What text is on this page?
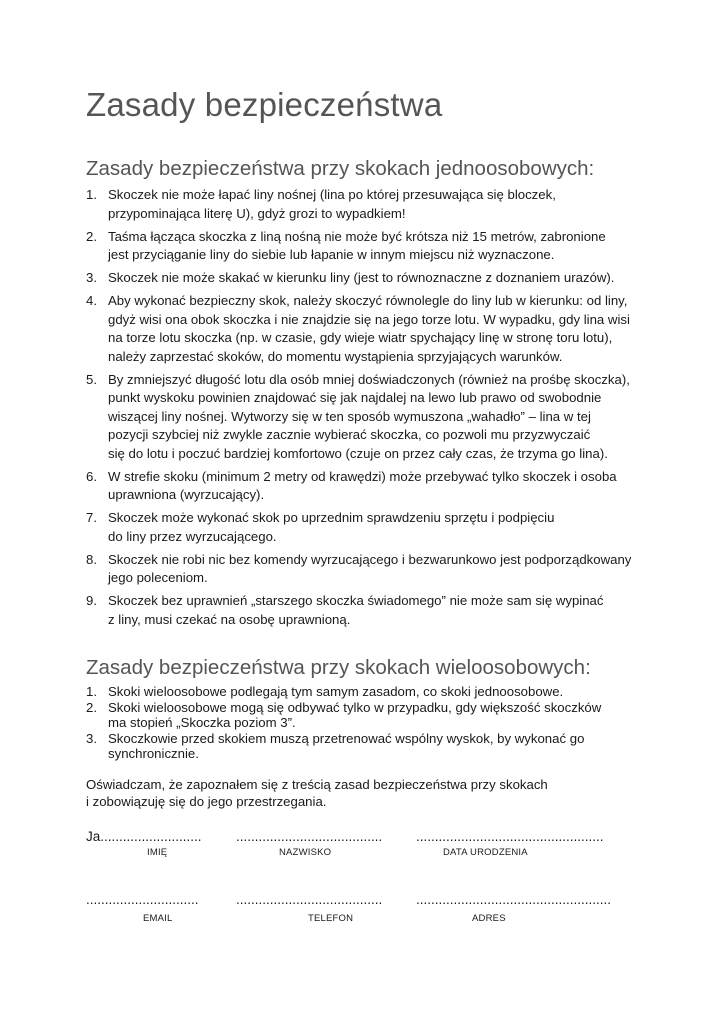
Zasady bezpieczeństwa
Zasady bezpieczeństwa przy skokach jednoosobowych:
1. Skoczek nie może łapać liny nośnej (lina po której przesuwająca się bloczek,
przypominająca literę U), gdyż grozi to wypadkiem!
2. Taśma łącząca skoczka z liną nośną nie może być krótsza niż 15 metrów, zabronione
jest przyciąganie liny do siebie lub łapanie w innym miejscu niż wyznaczone.
3. Skoczek nie może skakać w kierunku liny (jest to równoznaczne z doznaniem urazów).
4. Aby wykonać bezpieczny skok, należy skoczyć równolegle do liny lub w kierunku: od liny,
gdyż wisi ona obok skoczka i nie znajdzie się na jego torze lotu. W wypadku, gdy lina wisi
na torze lotu skoczka (np. w czasie, gdy wieje wiatr spychający linę w stronę toru lotu),
należy zaprzestać skoków, do momentu wystąpienia sprzyjających warunków.
5. By zmniejszyć długość lotu dla osób mniej doświadczonych (również na prośbę skoczka),
punkt wyskoku powinien znajdować się jak najdalej na lewo lub prawo od swobodnie
wiszącej liny nośnej. Wytworzy się w ten sposób wymuszona „wahadło” – lina w tej
pozycji szybciej niż zwykle zacznie wybierać skoczka, co pozwoli mu przyzwyczaić
się do lotu i poczuć bardziej komfortowo (czuje on przez cały czas, że trzyma go lina).
6. W strefie skoku (minimum 2 metry od krawędzi) może przebywać tylko skoczek i osoba
uprawniona (wyrzucający).
7. Skoczek może wykonać skok po uprzednim sprawdzeniu sprzętu i podpięciu
do liny przez wyrzucającego.
8. Skoczek nie robi nic bez komendy wyrzucającego i bezwarunkowo jest podporządkowany
jego poleceniom.
9. Skoczek bez uprawnień „starszego skoczka świadomego” nie może sam się wypinać
z liny, musi czekać na osobę uprawnioną.
Zasady bezpieczeństwa przy skokach wieloosobowych:
1. Skoki wieloosobowe podlegają tym samym zasadom, co skoki jednoosobowe.
2. Skoki wieloosobowe mogą się odbywać tylko w przypadku, gdy większość skoczków
ma stopień „Skoczka poziom 3”.
3. Skoczkowie przed skokiem muszą przetrenować wspólny wyskok, by wykonać go
synchronicznie.

Oświadczam, że zapoznałem się z treścią zasad bezpieczeństwa przy skokach
i zobowiązuję się do jego przestrzegania.

Ja...........................	....................................... ..................................................
IMIĘ	NAZWISKO	DATA URODZENIA
..............................	....................................... ....................................................
EMAIL	TELEFON	ADRES
